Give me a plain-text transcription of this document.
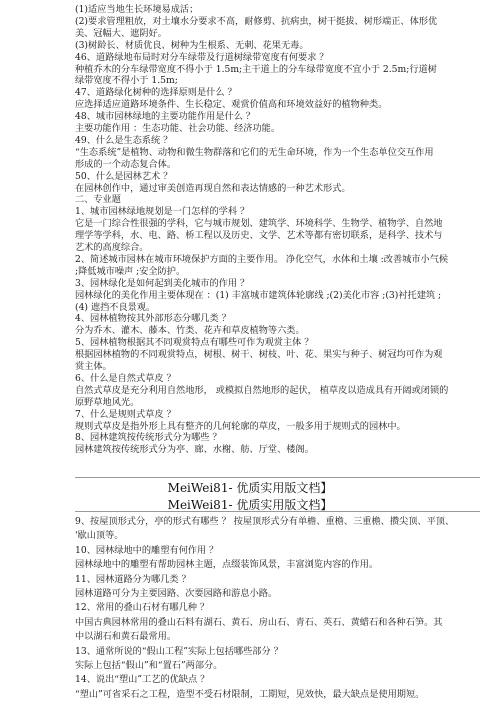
(1)适应当地生长环境易成活；
(2)要求管理粗放，对土壤水分要求不高，耐修剪、抗病虫，树干挺拔、树形端正、体形优
美、冠幅大、遮阴好。
(3)树龄长、材质优良、树种为生根系、无刺、花果无毒。
46、道路绿地布局时对分车绿带及行道树绿带宽度有何要求 ？
种植乔木的分车绿带宽度不得小于 1.5m;主干道上的分车绿带宽度不宜小于 2.5m;行道树
绿带宽度不得小于 1.5m;
47、道路绿化树种的选择原则是什么 ？
应选择适应道路环境条件、生长稳定、观赏价值高和环境效益好的植物种类。
48、城市园林绿地的主要功能作用是什么 ？
主要功能作用 ：生态功能、社会功能、经济功能。
49、什么是生态系统 ？
“生态系统”是植物、动物和微生物群落和它们的无生命环境，作为一个生态单位交互作用
形成的一个动态复合体。
50、什么是园林艺术 ？
在园林创作中，通过审美创造再现自然和表达情感的一种艺术形式。
二、专业题
1、城市园林绿地规划是一门怎样的学科 ？
它是一门综合性很强的学科，它与城市规划、建筑学、环境科学、生物学、植物学、自然地
理学等学科，水、电、路、桥工程以及历史、文学、艺术等都有密切联系，是科学、技术与
艺术的高度综合。
2、简述城市园林在城市环境保护方面的主要作用。 净化空气，水体和土壤 :改善城市小气候
;降低城市噪声 ;安全防护。
3、园林绿化是如何起到美化城市的作用 ？
园林绿化的美化作用主要体现在 ：(1) 丰富城市建筑体轮廓线 ;(2)美化市容 ;(3)衬托建筑 ;
(4) 遮挡不良景观。
4、园林植物按其外部形态分哪几类 ？
分为乔木、灌木、藤本、竹类、花卉和草皮植物等六类。
5、园林植物根据其不同观赏特点有哪些可作为观赏主体 ？
根据园林植物的不同观赏特点，树根、树干、树枝、叶、花、果实与种子、树冠均可作为观
赏主体。
6、什么是自然式草皮 ？
自然式草皮是充分利用自然地形， 或模拟自然地形的起伏， 植草皮以造成具有开阔或闭锁的
原野草地风光。
7、什么是规则式草皮 ？
规则式草皮是指外形上具有整齐的几何轮廓的草皮，一般多用于规则式的园林中。
8、园林建筑按传统形式分为哪些 ？
园林建筑按传统形式分为亭、廊、水榭、舫、厅堂、楼阁。
MeiWei81- 优质实用版文档】
MeiWei81- 优质实用版文档】
9、按屋顶形式分，亭的形式有哪些 ？ 按屋顶形式分有单檐、重檐、三重檐、攒尖顶、平顶、
'歇山顶等。
10、园林绿地中的雕塑有何作用 ？
园林绿地中的雕塑有帮助园林主题，点缀装饰风景，丰富浏览内容的作用。
11、园林道路分为哪几类 ？
园林道路可分为主要园路、次要园路和游息小路。
12、常用的叠山石材有哪几种 ？
中国古典园林常用的叠山石料有湖石、黄石、房山石、青石、英石、黄蜡石和各种石笋。其
中以湖石和黄石最常用。
13、通常所说的“假山工程”实际上包括哪些部分 ？
实际上包括“假山”和“置石”两部分。
14、说出“塑山”工艺的优缺点 ？
“塑山”可省采石之工程，造型不受石材限制，工期短，见效快，最大缺点是使用期短。
